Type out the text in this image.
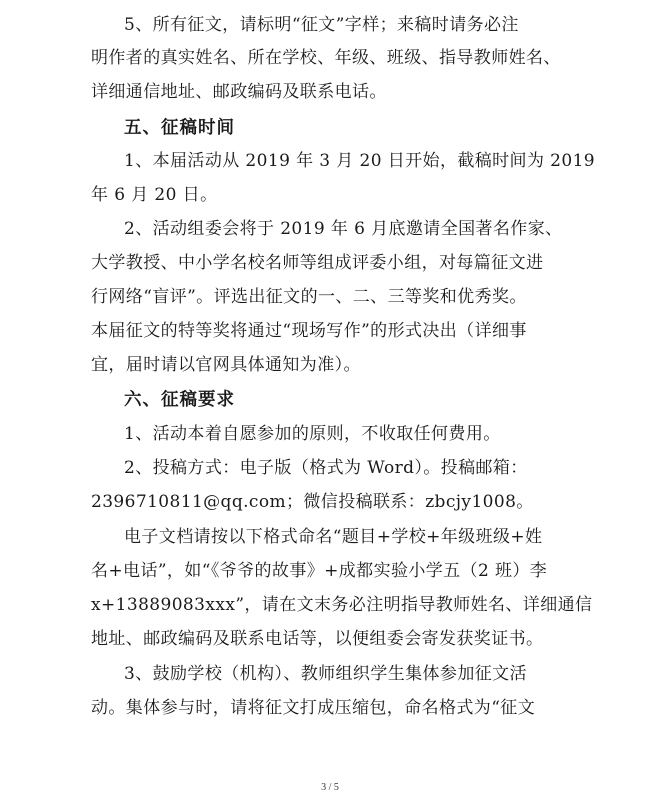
5、所有征文，请标明“征文”字样；来稿时请务必注
明作者的真实姓名、所在学校、年级、班级、指导教师姓名、
详细通信地址、邮政编码及联系电话。
五、征稿时间
1、本届活动从 2019 年 3 月 20 日开始，截稿时间为 2019
年 6 月 20 日。
2、活动组委会将于 2019 年 6 月底邀请全国著名作家、
大学教授、中小学名校名师等组成评委小组，对每篇征文进
行网络“盲评”。评选出征文的一、二、三等奖和优秀奖。
本届征文的特等奖将通过“现场写作”的形式决出（详细事
宜，届时请以官网具体通知为准）。
六、征稿要求
1、活动本着自愿参加的原则，不收取任何费用。
2、投稿方式：电子版（格式为 Word）。投稿邮箱：
2396710811@qq.com；微信投稿联系：zbcjy1008。
电子文档请按以下格式命名“题目+学校+年级班级+姓
名+电话”，如“《爷爷的故事》+成都实验小学五（2 班）李
x+13889083xxx”，请在文末务必注明指导教师姓名、详细通信
地址、邮政编码及联系电话等，以便组委会寄发获奖证书。
3、鼓励学校（机构）、教师组织学生集体参加征文活
动。集体参与时，请将征文打成压缩包，命名格式为“征文
3 / 5
